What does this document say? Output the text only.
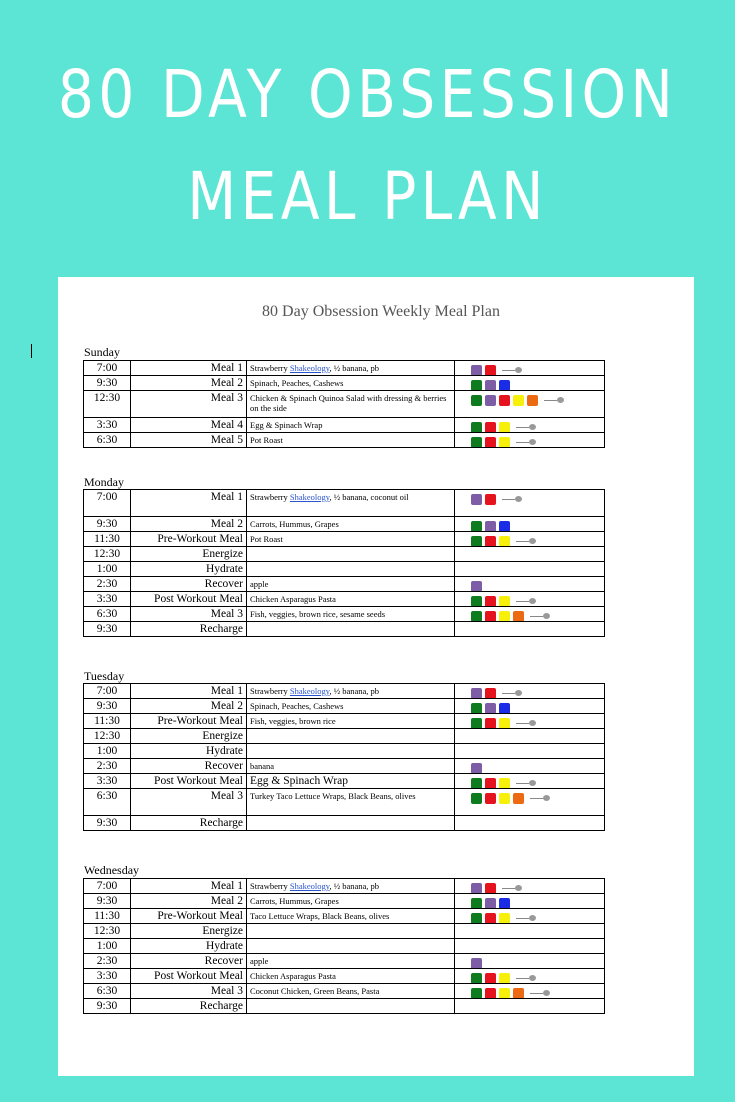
80 DAY OBSESSION
MEAL PLAN
80 Day Obsession Weekly Meal Plan
Sunday
7:00	Meal 1	Strawberry Shakeology, ½ banana, pb	

9:30	Meal 2	Spinach, Peaches, Cashews	

12:30	Meal 3	Chicken & Spinach Quinoa Salad with dressing & berries on the side	

3:30	Meal 4	Egg & Spinach Wrap	

6:30	Meal 5	Pot Roast	
Monday
7:00	Meal 1	Strawberry Shakeology, ½ banana, coconut oil	

9:30	Meal 2	Carrots, Hummus, Grapes	

11:30	Pre-Workout Meal	Pot Roast	

12:30	Energize		
1:00	Hydrate		
2:30	Recover	apple	

3:30	Post Workout Meal	Chicken Asparagus Pasta	

6:30	Meal 3	Fish, veggies, brown rice, sesame seeds	

9:30	Recharge		
Tuesday
7:00	Meal 1	Strawberry Shakeology, ½ banana, pb	

9:30	Meal 2	Spinach, Peaches, Cashews	

11:30	Pre-Workout Meal	Fish, veggies, brown rice	

12:30	Energize		
1:00	Hydrate		
2:30	Recover	banana	

3:30	Post Workout Meal	Egg & Spinach Wrap	

6:30	Meal 3	Turkey Taco Lettuce Wraps, Black Beans, olives	

9:30	Recharge		
Wednesday
7:00	Meal 1	Strawberry Shakeology, ½ banana, pb	

9:30	Meal 2	Carrots, Hummus, Grapes	

11:30	Pre-Workout Meal	Taco Lettuce Wraps, Black Beans, olives	

12:30	Energize		
1:00	Hydrate		
2:30	Recover	apple	

3:30	Post Workout Meal	Chicken Asparagus Pasta	

6:30	Meal 3	Coconut Chicken, Green Beans, Pasta	

9:30	Recharge		
